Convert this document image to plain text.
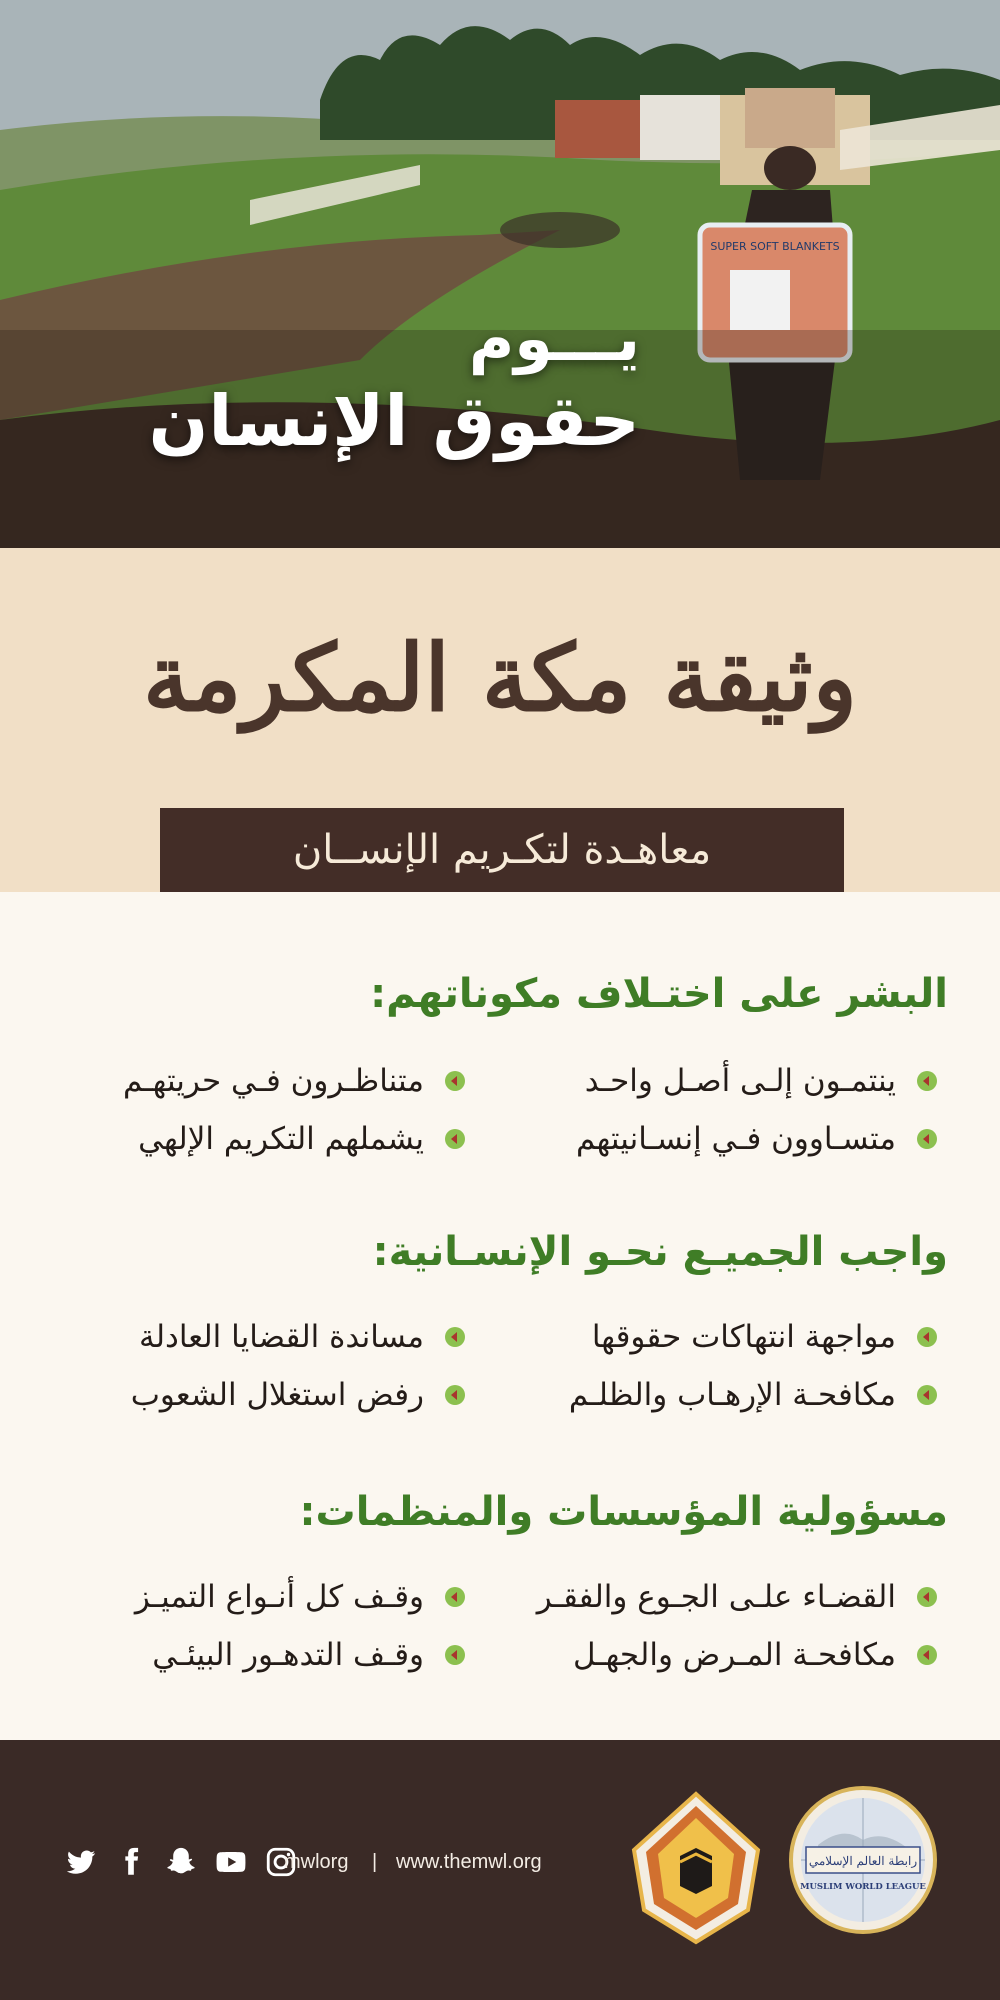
SUPER SOFT BLANKETS
يـــوم
حقوق الإنسان
وثيقة مكة المكرمة
معاهـدة لتكـريم الإنســان
البشر على اختـلاف مكوناتهم:
ينتمـون إلـى أصـل واحـد
متناظـرون فـي حريتهـم
متسـاوون فـي إنسـانيتهم
يشملهم التكريم الإلهي
واجب الجميـع نحـو الإنسـانية:
مواجهة انتهاكات حقوقها
مساندة القضايا العادلة
مكافحـة الإرهـاب والظلـم
رفض استغلال الشعوب
مسؤولية المؤسسات والمنظمات:
القضـاء علـى الجـوع والفقـر
وقـف كل أنـواع التميـز
مكافحـة المـرض والجهـل
وقـف التدهـور البيئـي
mwlorg | www.themwl.org	رابطة العالم الإسلامي
MUSLIM WORLD LEAGUE
